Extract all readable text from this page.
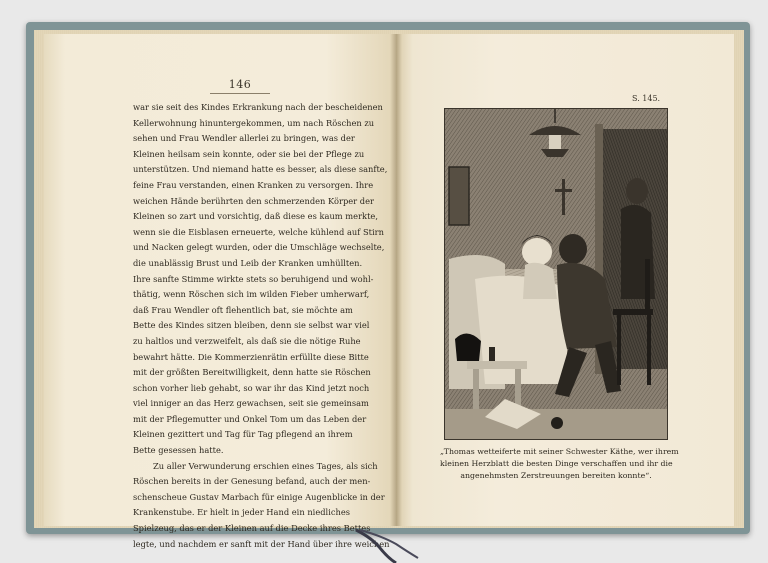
146
war sie seit des Kindes Erkrankung nach der bescheidenen
Kellerwohnung hinuntergekommen, um nach Röschen zu
sehen und Frau Wendler allerlei zu bringen, was der
Kleinen heilsam sein konnte, oder sie bei der Pflege zu
unterstützen. Und niemand hatte es besser, als diese sanfte,
feine Frau verstanden, einen Kranken zu versorgen. Ihre
weichen Hände berührten den schmerzenden Körper der
Kleinen so zart und vorsichtig, daß diese es kaum merkte,
wenn sie die Eisblasen erneuerte, welche kühlend auf Stirn
und Nacken gelegt wurden, oder die Umschläge wechselte,
die unablässig Brust und Leib der Kranken umhüllten.
Ihre sanfte Stimme wirkte stets so beruhigend und wohl-
thätig, wenn Röschen sich im wilden Fieber umherwarf,
daß Frau Wendler oft flehentlich bat, sie möchte am
Bette des Kindes sitzen bleiben, denn sie selbst war viel
zu haltlos und verzweifelt, als daß sie die nötige Ruhe
bewahrt hätte. Die Kommerzienrätin erfüllte diese Bitte
mit der größten Bereitwilligkeit, denn hatte sie Röschen
schon vorher lieb gehabt, so war ihr das Kind jetzt noch
viel inniger an das Herz gewachsen, seit sie gemeinsam
mit der Pflegemutter und Onkel Tom um das Leben der
Kleinen gezittert und Tag für Tag pflegend an ihrem
Bette gesessen hatte.
Zu aller Verwunderung erschien eines Tages, als sich
Röschen bereits in der Genesung befand, auch der men-
schenscheue Gustav Marbach für einige Augenblicke in der
Krankenstube. Er hielt in jeder Hand ein niedliches
Spielzeug, das er der Kleinen auf die Decke ihres Bettes
legte, und nachdem er sanft mit der Hand über ihre weichen
S. 145.
„Thomas wetteiferte mit seiner Schwester Käthe, wer ihrem
kleinen Herzblatt die besten Dinge verschaffen und ihr die
angenehmsten Zerstreuungen bereiten konnte“.
